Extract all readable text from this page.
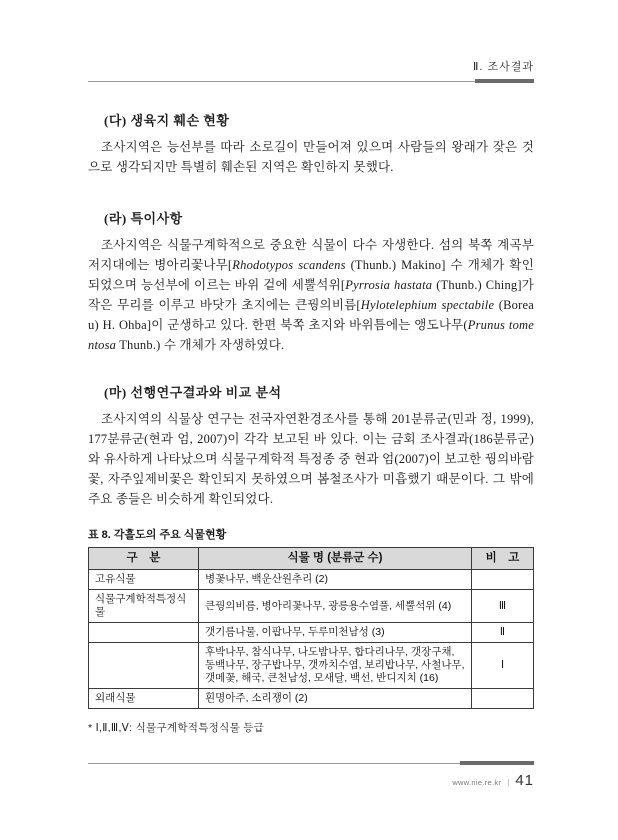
Ⅱ. 조사결과
(다) 생육지 훼손 현황

조사지역은 능선부를 따라 소로길이 만들어져 있으며 사람들의 왕래가 잦은 것으로 생각되지만 특별히 훼손된 지역은 확인하지 못했다.

(라) 특이사항

조사지역은 식물구계학적으로 중요한 식물이 다수 자생한다. 섬의 북쪽 계곡부 저지대에는 병아리꽃나무[Rhodotypos scandens (Thunb.) Makino] 수 개체가 확인되었으며 능선부에 이르는 바위 겉에 세뿔석위[Pyrrosia hastata (Thunb.) Ching]가 작은 무리를 이루고 바닷가 초지에는 큰꿩의비름[Hylotelephium spectabile (Boreau) H. Ohba]이 군생하고 있다. 한편 북쪽 초지와 바위틈에는 앵도나무(Prunus tomentosa Thunb.) 수 개체가 자생하였다.

(마) 선행연구결과와 비교 분석

조사지역의 식물상 연구는 전국자연환경조사를 통해 201분류군(민과 정, 1999), 177분류군(현과 엄, 2007)이 각각 보고된 바 있다. 이는 금회 조사결과(186분류군)와 유사하게 나타났으며 식물구계학적 특정종 중 현과 엄(2007)이 보고한 꿩의바람꽃, 자주잎제비꽃은 확인되지 못하였으며 봄철조사가 미흡했기 때문이다. 그 밖에 주요 종들은 비슷하게 확인되었다.

표 8. 각흘도의 주요 식물현황
구　분	식물 명 (분류군 수)	비　고
고유식물	병꽃나무, 백운산원추리 (2)	
식물구계학적특정식물	큰꿩의비름, 병아리꽃나무, 광릉용수염풀, 세뿔석위 (4)	Ⅲ
	갯기름나물, 이팝나무, 두루미천남성 (3)	Ⅱ
	후박나무, 참식나무, 나도밤나무, 합다리나무, 갯장구채, 동백나무, 장구밥나무, 갯까치수염, 보리밥나무, 사철나무, 갯메꽃, 해국, 큰천남성, 모새달, 백선, 반디지치 (16)	Ⅰ
외래식물	흰명아주, 소리쟁이 (2)	
* Ⅰ,Ⅱ,Ⅲ,Ⅴ: 식물구계학적특정식물 등급
www.nie.re.kr | 41
